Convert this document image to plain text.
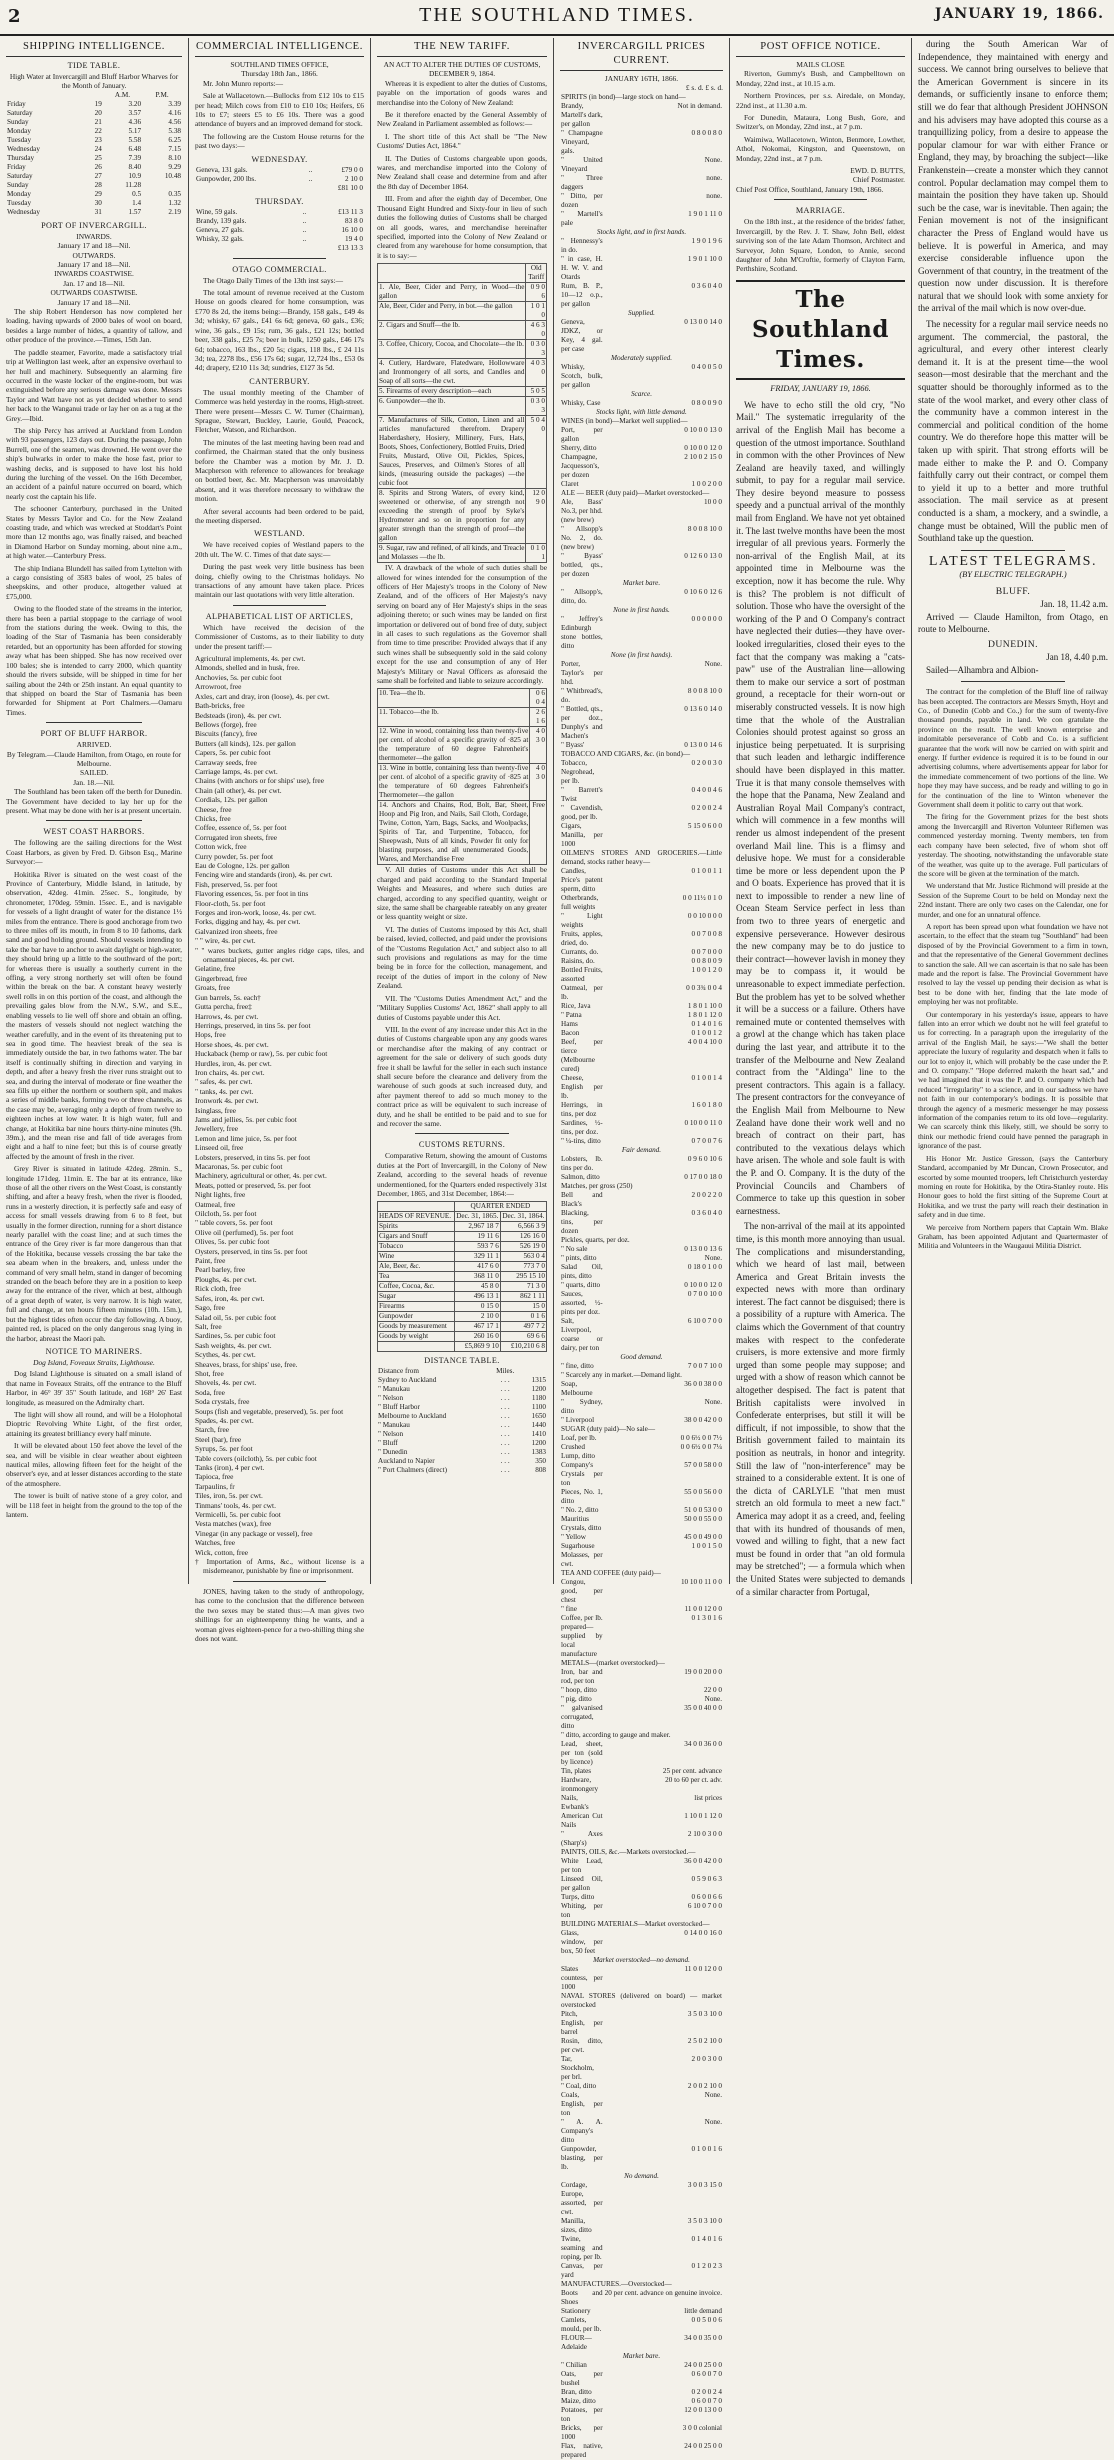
2	THE SOUTHLAND TIMES.	JANUARY 19, 1866.
SHIPPING INTELLIGENCE.
TIDE TABLE.
High Water at Invercargill and Bluff Harbor Wharves for the Month of January.
		A.M.	P.M.
Friday	19	3.20	3.39
Saturday	20	3.57	4.16
Sunday	21	4.36	4.56
Monday	22	5.17	5.38
Tuesday	23	5.58	6.25
Wednesday	24	6.48	7.15
Thursday	25	7.39	8.10
Friday	26	8.40	9.29
Saturday	27	10.9	10.48
Sunday	28	11.28	
Monday	29	0.5	0.35
Tuesday	30	1.4	1.32
Wednesday	31	1.57	2.19
PORT OF INVERCARGILL.
INWARDS.
January 17 and 18—Nil.
OUTWARDS.
January 17 and 18—Nil.
INWARDS COASTWISE.
Jan. 17 and 18—Nil.
OUTWARDS COASTWISE.
January 17 and 18—Nil.

The ship Robert Henderson has now completed her loading, having upwards of 2000 bales of wool on board, besides a large number of hides, a quantity of tallow, and other produce of the province.—Times, 15th Jan.

The paddle steamer, Favorite, made a satisfactory trial trip at Wellington last week, after an expensive overhaul to her hull and machinery. Subsequently an alarming fire occurred in the waste locker of the engine-room, but was extinguished before any serious damage was done. Messrs Taylor and Watt have not as yet decided whether to send her back to the Wanganui trade or lay her on as a tug at the Grey.—Ibid.

The ship Percy has arrived at Auckland from London with 93 passengers, 123 days out. During the passage, John Burrell, one of the seamen, was drowned. He went over the ship's bulwarks in order to make the hose fast, prior to washing decks, and is supposed to have lost his hold during the lurching of the vessel. On the 16th December, an accident of a painful nature occurred on board, which nearly cost the captain his life.

The schooner Canterbury, purchased in the United States by Messrs Taylor and Co. for the New Zealand coasting trade, and which was wrecked at Stoddart's Point more than 12 months ago, was finally raised, and beached in Diamond Harbor on Sunday morning, about nine a.m., at high water.—Canterbury Press.

The ship Indiana Blundell has sailed from Lyttelton with a cargo consisting of 3583 bales of wool, 25 bales of sheepskins, and other produce, altogether valued at £75,000.

Owing to the flooded state of the streams in the interior, there has been a partial stoppage to the carriage of wool from the stations during the week. Owing to this, the loading of the Star of Tasmania has been considerably retarded, but an opportunity has been afforded for stowing away what has been shipped. She has now received over 100 bales; she is intended to carry 2000, which quantity should the rivers subside, will be shipped in time for her sailing about the 24th or 25th instant. An equal quantity to that shipped on board the Star of Tasmania has been forwarded for Shipment at Port Chalmers.—Oamaru Times.

PORT OF BLUFF HARBOR.
ARRIVED.
By Telegram.—Claude Hamilton, from Otago, en route for Melbourne.
SAILED.
Jan. 18.—Nil.

The Southland has been taken off the berth for Dunedin. The Government have decided to lay her up for the present. What may be done with her is at present uncertain.

WEST COAST HARBORS.

The following are the sailing directions for the West Coast Harbors, as given by Fred. D. Gibson Esq., Marine Surveyor:—

Hokitika River is situated on the west coast of the Province of Canterbury, Middle Island, in latitude, by observation, 42deg. 41min. 25sec. S., longitude, by chronometer, 170deg. 59min. 15sec. E., and is navigable for vessels of a light draught of water for the distance 1½ miles from the entrance. There is good anchorage from two to three miles off its mouth, in from 8 to 10 fathoms, dark sand and good holding ground. Should vessels intending to take the bar have to anchor to await daylight or high-water, they should bring up a little to the southward of the port; for whereas there is usually a southerly current in the offing, a very strong northerly set will often be found within the break on the bar. A constant heavy westerly swell rolls in on this portion of the coast, and although the prevailing gales blow from the N.W., S.W., and S.E., enabling vessels to lie well off shore and obtain an offing, the masters of vessels should not neglect watching the weather carefully, and in the event of its threatening put to sea in good time. The heaviest break of the sea is immediately outside the bar, in two fathoms water. The bar itself is continually shifting in direction and varying in depth, and after a heavy fresh the river runs straight out to sea, and during the interval of moderate or fine weather the sea fills up either the northern or southern spit, and makes a series of middle banks, forming two or three channels, as the case may be, averaging only a depth of from twelve to eighteen inches at low water. It is high water, full and change, at Hokitika bar nine hours thirty-nine minutes (9h. 39m.), and the mean rise and fall of tide averages from eight and a half to nine feet; but this is of course greatly affected by the amount of fresh in the river.

Grey River is situated in latitude 42deg. 28min. S., longitude 171deg. 11min. E. The bar at its entrance, like those of all the other rivers on the West Coast, is constantly shifting, and after a heavy fresh, when the river is flooded, runs in a westerly direction, it is perfectly safe and easy of access for small vessels drawing from 6 to 8 feet, but usually in the former direction, running for a short distance nearly parallel with the coast line; and at such times the entrance of the Grey river is far more dangerous than that of the Hokitika, because vessels crossing the bar take the sea abeam when in the breakers, and, unless under the command of very small helm, stand in danger of becoming stranded on the beach before they are in a position to keep away for the entrance of the river, which at best, although of a great depth of water, is very narrow. It is high water, full and change, at ten hours fifteen minutes (10h. 15m.), but the highest tides often occur the day following. A buoy, painted red, is placed on the only dangerous snag lying in the harbor, abreast the Maori pah.

NOTICE TO MARINERS.
Dog Island, Foveaux Straits, Lighthouse.

Dog Island Lighthouse is situated on a small island of that name in Foveaux Straits, off the entrance to the Bluff Harbor, in 46° 39' 35" South latitude, and 168° 26' East longitude, as measured on the Admiralty chart.

The light will show all round, and will be a Holophotal Dioptric Revolving White Light, of the first order, attaining its greatest brilliancy every half minute.

It will be elevated about 150 feet above the level of the sea, and will be visible in clear weather about eighteen nautical miles, allowing fifteen feet for the height of the observer's eye, and at lesser distances according to the state of the atmosphere.

The tower is built of native stone of a grey color, and will be 118 feet in height from the ground to the top of the lantern.

COMMERCIAL INTELLIGENCE.
SOUTHLAND TIMES OFFICE,
Thursday 18th Jan., 1866.

Mr. John Munro reports:—

Sale at Wallacetown.—Bullocks from £12 10s to £15 per head; Milch cows from £10 to £10 10s; Heifers, £6 10s to £7; steers £5 to £6 10s. There was a good attendance of buyers and an improved demand for stock.

The following are the Custom House returns for the past two days:—

WEDNESDAY.
Geneva, 131 gals.	..	£79 0 0
Gunpowder, 200 lbs.	..	2 10 0
		£81 10 0
THURSDAY.
Wine, 59 gals.	..	£13 11 3
Brandy, 139 gals.	..	83 8 0
Geneva, 27 gals.	..	16 10 0
Whisky, 32 gals.	..	19 4 0
		£13 13 3
OTAGO COMMERCIAL.

The Otago Daily Times of the 13th inst says:—

The total amount of revenue received at the Custom House on goods cleared for home consumption, was £770 8s 2d, the items being:—Brandy, 158 gals., £49 4s 3d; whisky, 67 gals., £41 6s 6d; geneva, 60 gals., £36; wine, 36 gals., £9 15s; rum, 36 gals., £21 12s; bottled beer, 338 gals., £25 7s; beer in bulk, 1250 gals., £46 17s 6d; tobacco, 163 lbs., £20 5s; cigars, 118 lbs., £ 24 11s 3d; tea, 2278 lbs., £56 17s 6d; sugar, 12,724 lbs., £53 0s 4d; drapery, £210 11s 3d; sundries, £127 3s 5d.

CANTERBURY.

The usual monthly meeting of the Chamber of Commerce was held yesterday in the rooms, High-street. There were present—Messrs C. W. Turner (Chairman), Sprague, Stewart, Buckley, Laurie, Gould, Peacock, Fletcher, Watson, and Richardson.

The minutes of the last meeting having been read and confirmed, the Chairman stated that the only business before the Chamber was a motion by Mr. J. D. Macpherson with reference to allowances for breakage on bottled beer, &c. Mr. Macpherson was unavoidably absent, and it was therefore necessary to withdraw the motion.

After several accounts had been ordered to be paid, the meeting dispersed.

WESTLAND.

We have received copies of Westland papers to the 20th ult. The W. C. Times of that date says:—

During the past week very little business has been doing, chiefly owing to the Christmas holidays. No transactions of any amount have taken place. Prices maintain our last quotations with very little alteration.

ALPHABETICAL LIST OF ARTICLES,

Which have received the decision of the Commissioner of Customs, as to their liability to duty under the present tariff:—

Agricultural implements, 4s. per cwt.
Almonds, shelled and in husk, free.
Anchovies, 5s. per cubic foot
Arrowroot, free
Axles, cart and dray, iron (loose), 4s. per cwt.
Bath-bricks, free
Bedsteads (iron), 4s. per cwt.
Bellows (forge), free
Biscuits (fancy), free
Butters (all kinds), 12s. per gallon
Capers, 5s. per cubic foot
Carraway seeds, free
Carriage lamps, 4s. per cwt.
Chains (with anchors or for ships' use), free
Chain (all other), 4s. per cwt.
Cordials, 12s. per gallon
Cheese, free
Chicks, free
Coffee, essence of, 5s. per foot
Corrugated iron sheets, free
Cotton wick, free
Curry powder, 5s. per foot
Eau de Cologne, 12s. per gallon
Fencing wire and standards (iron), 4s. per cwt.
Fish, preserved, 5s. per foot
Flavoring essences, 5s. per foot in tins
Floor-cloth, 5s. per foot
Forges and iron-work, loose, 4s. per cwt.
Forks, digging and hay, 4s. per cwt.
Galvanized iron sheets, free
" " wire, 4s. per cwt.
" " wares buckets, gutter angles ridge caps, tiles, and ornamental pieces, 4s. per cwt.
Gelatine, free
Gingerbread, free
Groats, free
Gun barrels, 5s. each†
Gutta percha, free‡
Harrows, 4s. per cwt.
Herrings, preserved, in tins 5s. per foot
Hops, free
Horse shoes, 4s. per cwt.
Huckaback (hemp or raw), 5s. per cubic foot
Hurdles, iron, 4s. per cwt.
Iron chairs, 4s. per cwt.
" safes, 4s. per cwt.
" tanks, 4s. per cwt.
Ironwork 4s. per cwt.
Isinglass, free
Jams and jellies, 5s. per cubic foot
Jewellery, free
Lemon and lime juice, 5s. per foot
Linseed oil, free
Lobsters, preserved, in tins 5s. per foot
Macaronas, 5s. per cubic foot
Machinery, agricultural or other, 4s. per cwt.
Meats, potted or preserved, 5s. per foot
Night lights, free
Oatmeal, free
Oilcloth, 5s. per foot
" table covers, 5s. per foot
Olive oil (perfumed), 5s. per foot
Olives, 5s. per cubic foot
Oysters, preserved, in tins 5s. per foot
Paint, free
Pearl barley, free
Ploughs, 4s. per cwt.
Rick cloth, free
Safes, iron, 4s. per cwt.
Sago, free
Salad oil, 5s. per cubic foot
Salt, free
Sardines, 5s. per cubic foot
Sash weights, 4s. per cwt.
Scythes, 4s. per cwt.
Sheaves, brass, for ships' use, free.
Shot, free
Shovels, 4s. per cwt.
Soda, free
Soda crystals, free
Soups (fish and vegetable, preserved), 5s. per foot
Spades, 4s. per cwt.
Starch, free
Steel (bar), free
Syrups, 5s. per foot
Table covers (oilcloth), 5s. per cubic foot
Tanks (iron), 4 per cwt.
Tapioca, free
Tarpaulins, fr
Tiles, iron, 5s. per cwt.
Tinmans' tools, 4s. per cwt.
Vermicelli, 5s. per cubic foot
Vesta matches (wax), free
Vinegar (in any package or vessel), free
Watches, free
Wick, cotton, free
† Importation of Arms, &c., without license is a misdemeanor, punishable by fine or imprisonment.

JONES, having taken to the study of anthropology, has come to the conclusion that the difference between the two sexes may be stated thus:—A man gives two shillings for an eighteenpenny thing he wants, and a woman gives eighteen-pence for a two-shilling thing she does not want.

THE NEW TARIFF.
AN ACT TO ALTER THE DUTIES OF CUSTOMS, DECEMBER 9, 1864.

Whereas it is expedient to alter the duties of Customs, payable on the importation of goods wares and merchandise into the Colony of New Zealand:

Be it therefore enacted by the General Assembly of New Zealand in Parliament assembled as follows:—

I. The short title of this Act shall be "The New Customs' Duties Act, 1864."

II. The Duties of Customs chargeable upon goods, wares, and merchandise imported into the Colony of New Zealand shall cease and determine from and after the 8th day of December 1864.

III. From and after the eighth day of December, One Thousand Eight Hundred and Sixty-four in lieu of such duties the following duties of Customs shall be charged on all goods, wares, and merchandise hereinafter specified, imported into the Colony of New Zealand or cleared from any warehouse for home consumption, that it is to say:—

	Old Tariff
1. Ale, Beer, Cider and Perry, in Wood—the gallon	0 9 0 6
Ale, Beer, Cider and Perry, in bot.—the gallon	1 0 1 0
2. Cigars and Snuff—the lb.	4 6 3 0
3. Coffee, Chicory, Cocoa, and Chocolate—the lb.	0 3 0 3
4. Cutlery, Hardware, Flatedware, Hollowware and Ironmongery of all sorts, and Candles and Soap of all sorts—the cwt.	4 0 3 0
5. Firearms of every description—each	5 0 5
6. Gunpowder—the lb.	0 3 0 3
7. Manufactures of Silk, Cotton, Linen and all articles manufactured therefrom. Drapery Haberdashery, Hosiery, Millinery, Furs, Hats, Boots, Shoes, Confectionery, Bottled Fruits, Dried Fruits, Mustard, Olive Oil, Pickles, Spices, Sauces, Preserves, and Oilmen's Stores of all kinds, (measuring outside the packages) —the cubic foot	5 0 4 0
8. Spirits and Strong Waters, of every kind, sweetened or otherwise, of any strength not exceeding the strength of proof by Syke's Hydrometer and so on in proportion for any greater strength than the strength of proof—the gallon	12 0 9 0
9. Sugar, raw and refined, of all kinds, and Treacle and Molasses —the lb.	0 1 0 1

IV. A drawback of the whole of such duties shall be allowed for wines intended for the consumption of the officers of Her Majesty's troops in the Colony of New Zealand, and of the officers of Her Majesty's navy serving on board any of Her Majesty's ships in the seas adjoining thereto; or such wines may be landed on first importation or delivered out of bond free of duty, subject in all cases to such regulations as the Governor shall from time to time prescribe: Provided always that if any such wines shall be subsequently sold in the said colony except for the use and consumption of any of Her Majesty's Military or Naval Officers as aforesaid the same shall be forfeited and liable to seizure accordingly.

10. Tea—the lb.	0 6 0 4
11. Tobacco—the lb.	2 6 1 6
12. Wine in wood, containing less than twenty-five per cent. of alcohol of a specific gravity of ·825 at the temperature of 60 degree Fahrenheit's thermometer—the gallon	4 0 3 0
13. Wine in bottle, containing less than twenty-five per cent. of alcohol of a specific gravity of ·825 at the temperature of 60 degrees Fahrenheit's Thermometer—the gallon	4 0 3 0
14. Anchors and Chains, Rod, Bolt, Bar, Sheet, Hoop and Pig Iron, and Nails, Sail Cloth, Cordage, Twine, Cotton, Yarn, Bags, Sacks, and Woolpacks, Spirits of Tar, and Turpentine, Tobacco, for Sheepwash, Nuts of all kinds, Powder fit only for blasting purposes, and all unenumerated Goods, Wares, and Merchandise Free	Free

V. All duties of Customs under this Act shall be charged and paid according to the Standard Imperial Weights and Measures, and where such duties are charged, according to any specified quantity, weight or size, the same shall be chargeable rateably on any greater or less quantity weight or size.

VI. The duties of Customs imposed by this Act, shall be raised, levied, collected, and paid under the provisions of the "Customs Regulation Act," and subject also to all such provisions and regulations as may for the time being be in force for the collection, management, and receipt of the duties of import in the colony of New Zealand.

VII. The "Customs Duties Amendment Act," and the "Military Supplies Customs' Act, 1862" shall apply to all duties of Customs payable under this Act.

VIII. In the event of any increase under this Act in the duties of Customs chargeable upon any any goods wares or merchandise after the making of any contract or agreement for the sale or delivery of such goods duty free it shall be lawful for the seller in each such instance shall secure before the clearance and delivery from the warehouse of such goods at such increased duty, and after payment thereof to add so much money to the contract price as will be equivalent to such increase of duty, and he shall be entitled to be paid and to sue for and recover the same.

CUSTOMS RETURNS.

Comparative Return, showing the amount of Customs duties at the Port of Invercargill, in the Colony of New Zealand, according to the several heads of revenue undermentioned, for the Quarters ended respectively 31st December, 1865, and 31st December, 1864:—

	QUARTER ENDED	
HEADS OF REVENUE.	Dec. 31, 1865.	Dec. 31, 1864.
Spirits	2,967 18 7	6,566 3 9
Cigars and Snuff	19 11 6	126 16 0
Tobacco	593 7 6	526 19 0
Wine	329 11 1	563 0 4
Ale, Beer, &c.	417 6 0	773 7 0
Tea	368 11 0	295 15 10
Coffee, Cocoa, &c.	45 8 0	71 3 0
Sugar	496 13 1	862 1 11
Firearms	0 15 0	15 0
Gunpowder	2 10 0	0 1 6
Goods by measurement	467 17 1	497 7 2
Goods by weight	260 16 0	69 6 6
	£5,869 9 10	£10,210 6 8
DISTANCE TABLE.
Distance from	Miles.	
Sydney to Auckland	. . .	1315
" Manukau	. . .	1200
" Nelson	. . .	1180
" Bluff Harbor	. . .	1100
Melbourne to Auckland	. . .	1650
" Manukau	. . .	1440
" Nelson	. . .	1410
" Bluff	. . .	1200
" Dunedin	. . .	1383
Auckland to Napier	. . .	350
" Port Chalmers (direct)	. . .	808
INVERCARGILL PRICES CURRENT.
JANUARY 16TH, 1866.
£ s. d. £ s. d.
SPIRITS (in bond)—large stock on hand—
Brandy, Martell's dark, per gallon	Not in demand.
" Champagne Vineyard, gals.	0 8 0 0 8 0
" United Vineyard	None.
" Three daggers	none.
" Ditto, per dozen	none.
" Martell's pale	1 9 0 1 11 0
Stocks light, and in first hands.	
" Hennessy's in do.	1 9 0 1 9 6
" in case, H. H. W. V. and Otards	1 9 0 1 10 0
Rum, B. P., 10—12 o.p., per gallon	0 3 6 0 4 0
Supplied.	
Geneva, JDKZ, or Key, 4 gal. per case	0 13 0 0 14 0
Moderately supplied.	
Whisky, Scotch, bulk, per gallon	0 4 0 0 5 0
Scarce.	
Whisky, Case	0 8 0 0 9 0
Stocks light, with little demand.	
WINES (in bond)—Market well supplied—
Port, per gallon	0 10 0 0 13 0
Sherry, ditto	0 10 0 0 12 0
Champagne, Jacquesson's, per dozen	2 10 0 2 15 0
Claret	1 0 0 2 0 0
ALE — BEER (duty paid)—Market overstocked—
Ale, Bass' No.3, per hhd. (new brew)	10 0 0
" Allsopp's No. 2, do. (new brew)	8 0 0 8 10 0
" Byass' bottled, qts., per dozen	0 12 6 0 13 0
Market bare.	
" Allsopp's, ditto, do.	0 10 6 0 12 6
None in first hands.	
" Jeffrey's Edinburgh stone bottles, ditto	0 0 0 0 0 0
None (in first hands).	
Porter, Taylor's per hhd.	None.
" Whitbread's, do.	8 0 0 8 10 0
" Bottled, qts., per doz., Dunphy's and Machen's	0 13 6 0 14 0
" Byass'	0 13 0 0 14 6
TOBACCO AND CIGARS, &c. (in bond)—
Tobacco, Negrohead, per lb.	0 2 0 0 3 0
" Barrett's Twist	0 4 0 0 4 6
" Cavendish, good, per lb.	0 2 0 0 2 4
Cigars, Manilla, per 1000	5 15 0 6 0 0
OILMEN'S STORES AND GROCERIES.—Little demand, stocks rather heavy—
Candles, Price's patent sperm, ditto	0 1 0 0 1 1
Otherbrands, full weights	0 0 11½ 0 1 0
" Light weights	0 0 10 0 0 0
Fruits, apples, dried, do.	0 0 7 0 0 8
Currants, do.	0 0 7 0 0 0
Raisins, do.	0 0 8 0 0 9
Bottled Fruits, assorted	1 0 0 1 2 0
Oatmeal, per lb.	0 0 3¾ 0 0 4
Rice, Java	1 8 0 1 10 0
" Patna	1 8 0 1 12 0
Hams	0 1 4 0 1 6
Bacon	0 1 0 0 1 2
Beef, per tierce (Melbourne cured)	4 0 0 4 10 0
Cheese, English per lb.	0 1 0 0 1 4
Herrings, in tins, per doz	1 6 0 1 8 0
Sardines, ½-tins, per doz.	0 10 0 0 11 0
" ¼-tins, ditto	0 7 0 0 7 6
Fair demand.	
Lobsters, lb. tins per do.	0 9 6 0 10 6
Salmon, ditto	0 17 0 0 18 0
Matches, per gross (250)
Bell and Black's	2 0 0 2 2 0
Blacking, tins, per dozen	0 3 6 0 4 0
Pickles, quarts, per doz.
" No sale	0 13 0 0 13 6
" pints, ditto	None.
Salad Oil, pints, ditto	0 18 0 1 0 0
" quarts, ditto	0 10 0 0 12 0
Sauces, assorted, ½-pints per doz.	0 7 0 0 10 0
Salt, Liverpool, coarse or dairy, per ton	6 10 0 7 0 0
Good demand.	
" fine, ditto	7 0 0 7 10 0
" Scarcely any in market.—Demand light.
Soap, Melbourne	36 0 0 38 0 0
" Sydney, ditto	None.
" Liverpool	38 0 0 42 0 0
SUGAR (duty paid)—No sale—
Loaf, per lb.	0 0 6½ 0 0 7½
Crushed Lump, ditto	0 0 6½ 0 0 7¼
Company's Crystals per ton	57 0 0 58 0 0
Pieces, No. 1, ditto	55 0 0 56 0 0
" No. 2, ditto	51 0 0 53 0 0
Mauritius Crystals, ditto	50 0 0 55 0 0
" Yellow	45 0 0 49 0 0
Sugarhouse Molasses, per cwt.	1 0 0 1 5 0
TEA AND COFFEE (duty paid)—
Congou, good, per chest	10 10 0 11 0 0
" fine	11 0 0 12 0 0
Coffee, per lb. prepared—supplied by local manufacture	0 1 3 0 1 6
METALS—(market overstocked)—
Iron, bar and rod, per ton	19 0 0 20 0 0
" hoop, ditto	22 0 0
" pig, ditto	None.
" galvanised corrugated, ditto	35 0 0 40 0 0
" ditto, according to gauge and maker.
Lead, sheet, per ton (sold by licence)	34 0 0 36 0 0
Tin, plates	25 per cent. advance
Hardware, ironmongery	20 to 60 per ct. adv.
Nails, Ewbank's	list prices
American Cut Nails	1 10 0 1 12 0
" Axes (Sharp's)	2 10 0 3 0 0
PAINTS, OILS, &c.—Markets overstocked.—
White Lead, per ton	36 0 0 42 0 0
Linseed Oil, per gallon	0 5 9 0 6 3
Turps, ditto	0 6 0 0 6 6
Whiting, per ton	6 10 0 7 0 0
BUILDING MATERIALS—Market overstocked—
Glass, window, per box, 50 feet	0 14 0 0 16 0
Market overstocked—no demand.	
Slates countess, per 1000	11 0 0 12 0 0
NAVAL STORES (delivered on board) — market overstocked
Pitch, English, per barrel	3 5 0 3 10 0
Rosin, ditto, per cwt.	2 5 0 2 10 0
Tar, Stockholm, per brl.	2 0 0 3 0 0
" Coal, ditto	2 0 0 2 10 0
Coals, English, per ton	None.
" A. A. Company's ditto	None.
Gunpowder, blasting, per lb.	0 1 0 0 1 6
No demand.	
Cordage, Europe, assorted, per cwt.	3 0 0 3 15 0
Manilla, sizes, ditto	3 5 0 3 10 0
Twine, seaming and roping, per lb.	0 1 4 0 1 6
Canvas, per yard	0 1 2 0 2 3
MANUFACTURES.—Overstocked—
Boots and Shoes	20 per cent. advance on genuine invoice.
Stationery	little demand
Camlets, mould, per lb.	0 0 5 0 0 6
FLOUR—Adelaide	34 0 0 35 0 0
Market bare.	
" Chilian	24 0 0 25 0 0
Oats, per bushel	0 6 0 0 7 0
Bran, ditto	0 2 0 0 2 4
Maize, ditto	0 6 0 0 7 0
Potatoes, per ton	12 0 0 13 0 0
Bricks, per 1000	3 0 0 colonial
Flax, native, prepared	24 0 0 25 0 0
POST OFFICE NOTICE.
MAILS CLOSE

Riverton, Gummy's Bush, and Campbelltown on Monday, 22nd inst., at 10.15 a.m.

Northern Provinces, per s.s. Airedale, on Monday, 22nd inst., at 11.30 a.m.

For Dunedin, Mataura, Long Bush, Gore, and Switzer's, on Monday, 22nd inst., at 7 p.m.

Waimiwa, Wallacetown, Winton, Benmore, Lowther, Athol, Nokomai, Kingston, and Queenstown, on Monday, 22nd inst., at 7 p.m.

EWD. D. BUTTS,
Chief Postmaster.

Chief Post Office, Southland, January 19th, 1866.

MARRIAGE.

On the 18th inst., at the residence of the brides' father, Invercargill, by the Rev. J. T. Shaw, John Bell, eldest surviving son of the late Adam Thomson, Architect and Surveyor, John Square, London, to Annie, second daughter of John M'Croftie, formerly of Clayton Farm, Perthshire, Scotland.

The Southland Times.
FRIDAY, JANUARY 19, 1866.

We have to echo still the old cry, "No Mail." The systematic irregularity of the arrival of the English Mail has become a question of the utmost importance. Southland in common with the other Provinces of New Zealand are heavily taxed, and willingly submit, to pay for a regular mail service. They desire beyond measure to possess speedy and a punctual arrival of the monthly mail from England. We have not yet obtained it. The last twelve months have been the most irregular of all previous years. Formerly the non-arrival of the English Mail, at its appointed time in Melbourne was the exception, now it has become the rule. Why is this? The problem is not difficult of solution. Those who have the oversight of the working of the P and O Company's contract have neglected their duties—they have over-looked irregularities, closed their eyes to the fact that the company was making a "cats-paw" use of the Australian line—allowing them to make our service a sort of postman ground, a receptacle for their worn-out or miserably constructed vessels. It is now high time that the whole of the Australian Colonies should protest against so gross an injustice being perpetuated. It is surprising that such leaden and lethargic indifference should have been displayed in this matter. True it is that many console themselves with the hope that the Panama, New Zealand and Australian Royal Mail Company's contract, which will commence in a few months will render us almost independent of the present overland Mail line. This is a flimsy and delusive hope. We must for a considerable time be more or less dependent upon the P and O boats. Experience has proved that it is next to impossible to render a new line of Ocean Steam Service perfect in less than from two to three years of energetic and expensive perseverance. However desirous the new company may be to do justice to their contract—however lavish in money they may be to compass it, it would be unreasonable to expect immediate perfection. But the problem has yet to be solved whether it will be a success or a failure. Others have remained mute or contented themselves with a growl at the change which has taken place during the last year, and attribute it to the transfer of the Melbourne and New Zealand contract from the "Aldinga" line to the present contractors. This again is a fallacy. The present contractors for the conveyance of the English Mail from Melbourne to New Zealand have done their work well and no breach of contract on their part, has contributed to the vexatious delays which have arisen. The whole and sole fault is with the P. and O. Company. It is the duty of the Provincial Councils and Chambers of Commerce to take up this question in sober earnestness.

The non-arrival of the mail at its appointed time, is this month more annoying than usual. The complications and misunderstanding, which we heard of last mail, between America and Great Britain invests the expected news with more than ordinary interest. The fact cannot be disguised; there is a possibility of a rupture with America. The claims which the Government of that country makes with respect to the confederate cruisers, is more extensive and more firmly urged than some people may suppose; and urged with a show of reason which cannot be altogether despised. The fact is patent that British capitalists were involved in Confederate enterprises, but still it will be difficult, if not impossible, to show that the British government failed to maintain its position as neutrals, in honor and integrity. Still the law of "non-interference" may be strained to a considerable extent. It is one of the dicta of CARLYLE "that men must stretch an old formula to meet a new fact." America may adopt it as a creed, and, feeling that with its hundred of thousands of men, vowed and willing to fight, that a new fact must be found in order that "an old formula may be stretched"; — a formula which when the United States were subjected to demands of a similar character from Portugal,

during the South American War of Independence, they maintained with energy and success. We cannot bring ourselves to believe that the American Government is sincere in its demands, or sufficiently insane to enforce them; still we do fear that although President JOHNSON and his advisers may have adopted this course as a tranquillizing policy, from a desire to appease the popular clamour for war with either France or England, they may, by broaching the subject—like Frankenstein—create a monster which they cannot control. Popular declamation may compel them to maintain the position they have taken up. Should such be the case, war is inevitable. Then again; the Fenian movement is not of the insignificant character the Press of England would have us believe. It is powerful in America, and may exercise considerable influence upon the Government of that country, in the treatment of the question now under discussion. It is therefore natural that we should look with some anxiety for the arrival of the mail which is now over-due.

The necessity for a regular mail service needs no argument. The commercial, the pastoral, the agricultural, and every other interest clearly demand it. It is at the present time—the wool season—most desirable that the merchant and the squatter should be thoroughly informed as to the state of the wool market, and every other class of the community have a common interest in the commercial and political condition of the home country. We do therefore hope this matter will be taken up with spirit. That strong efforts will be made either to make the P. and O. Company faithfully carry out their contract, or compel them to yield it up to a better and more truthful association. The mail service as at present conducted is a sham, a mockery, and a swindle, a change must be obtained, Will the public men of Southland take up the question.

LATEST TELEGRAMS.
(BY ELECTRIC TELEGRAPH.)
BLUFF.
Jan. 18, 11.42 a.m.

Arrived — Claude Hamilton, from Otago, en route to Melbourne.

DUNEDIN.
Jan 18, 4.40 p.m.

Sailed—Alhambra and Albion-

The contract for the completion of the Bluff line of railway has been accepted. The contractors are Messrs Smyth, Hoyt and Co., of Dunedin (Cobb and Co.,) for the sum of twenty-five thousand pounds, payable in land. We con gratulate the province on the result. The well known enterprise and indomitable perseverance of Cobb and Co. is a sufficient guarantee that the work will now be carried on with spirit and energy. If further evidence is required it is to be found in our advertising columns, where advertisements appear for labor for the immediate commencement of two portions of the line. We hope they may have success, and be ready and willing to go in for the continuation of the line to Winton whenever the Government shall deem it politic to carry out that work.

The firing for the Government prizes for the best shots among the Invercargill and Riverton Volunteer Riflemen was commenced yesterday morning. Twenty members, ten from each company have been selected, five of whom shot off yesterday. The shooting, notwithstanding the unfavorable state of the weather, was quite up to the average. Full particulars of the score will be given at the termination of the match.

We understand that Mr. Justice Richmond will preside at the Session of the Supreme Court to be held on Monday next the 22nd instant. There are only two cases on the Calendar, one for murder, and one for an unnatural offence.

A report has been spread upon what foundation we have not ascertain, to the effect that the steam tug "Southland" had been disposed of by the Provincial Government to a firm in town, and that the representative of the General Government declines to sanction the sale. All we can ascertain is that no sale has been made and the report is false. The Provincial Government have resolved to lay the vessel up pending their decision as what is best to be done with her, finding that the late mode of employing her was not profitable.

Our contemporary in his yesterday's issue, appears to have fallen into an error which we doubt not he will feel grateful to us for correcting. In a paragraph upon the irregularity of the arrival of the English Mail, he says:—"We shall the better appreciate the luxury of regularity and despatch when it falls to our lot to enjoy it, which will probably be the case under the P. and O. company." "Hope deferred maketh the heart sad," and we had imagined that it was the P. and O. company which had reduced "irregularity" to a science, and in our sadness we have not faith in our contemporary's bodings. It is possible that through the agency of a mesmeric messenger he may possess information of the companies return to its old love—regularity. We can scarcely think this likely, still, we should be sorry to think our methodic friend could have penned the paragraph in ignorance of the past.

His Honor Mr. Justice Gresson, (says the Canterbury Standard, accompanied by Mr Duncan, Crown Prosecutor, and escorted by some mounted troopers, left Christchurch yesterday morning en route for Hokitika, by the Otira-Stanley route. His Honour goes to hold the first sitting of the Supreme Court at Hokitika, and we trust the party will reach their destination in safety and in due time.

We perceive from Northern papers that Captain Wm. Blake Graham, has been appointed Adjutant and Quartermaster of Militia and Volunteers in the Waugauui Militia District.
